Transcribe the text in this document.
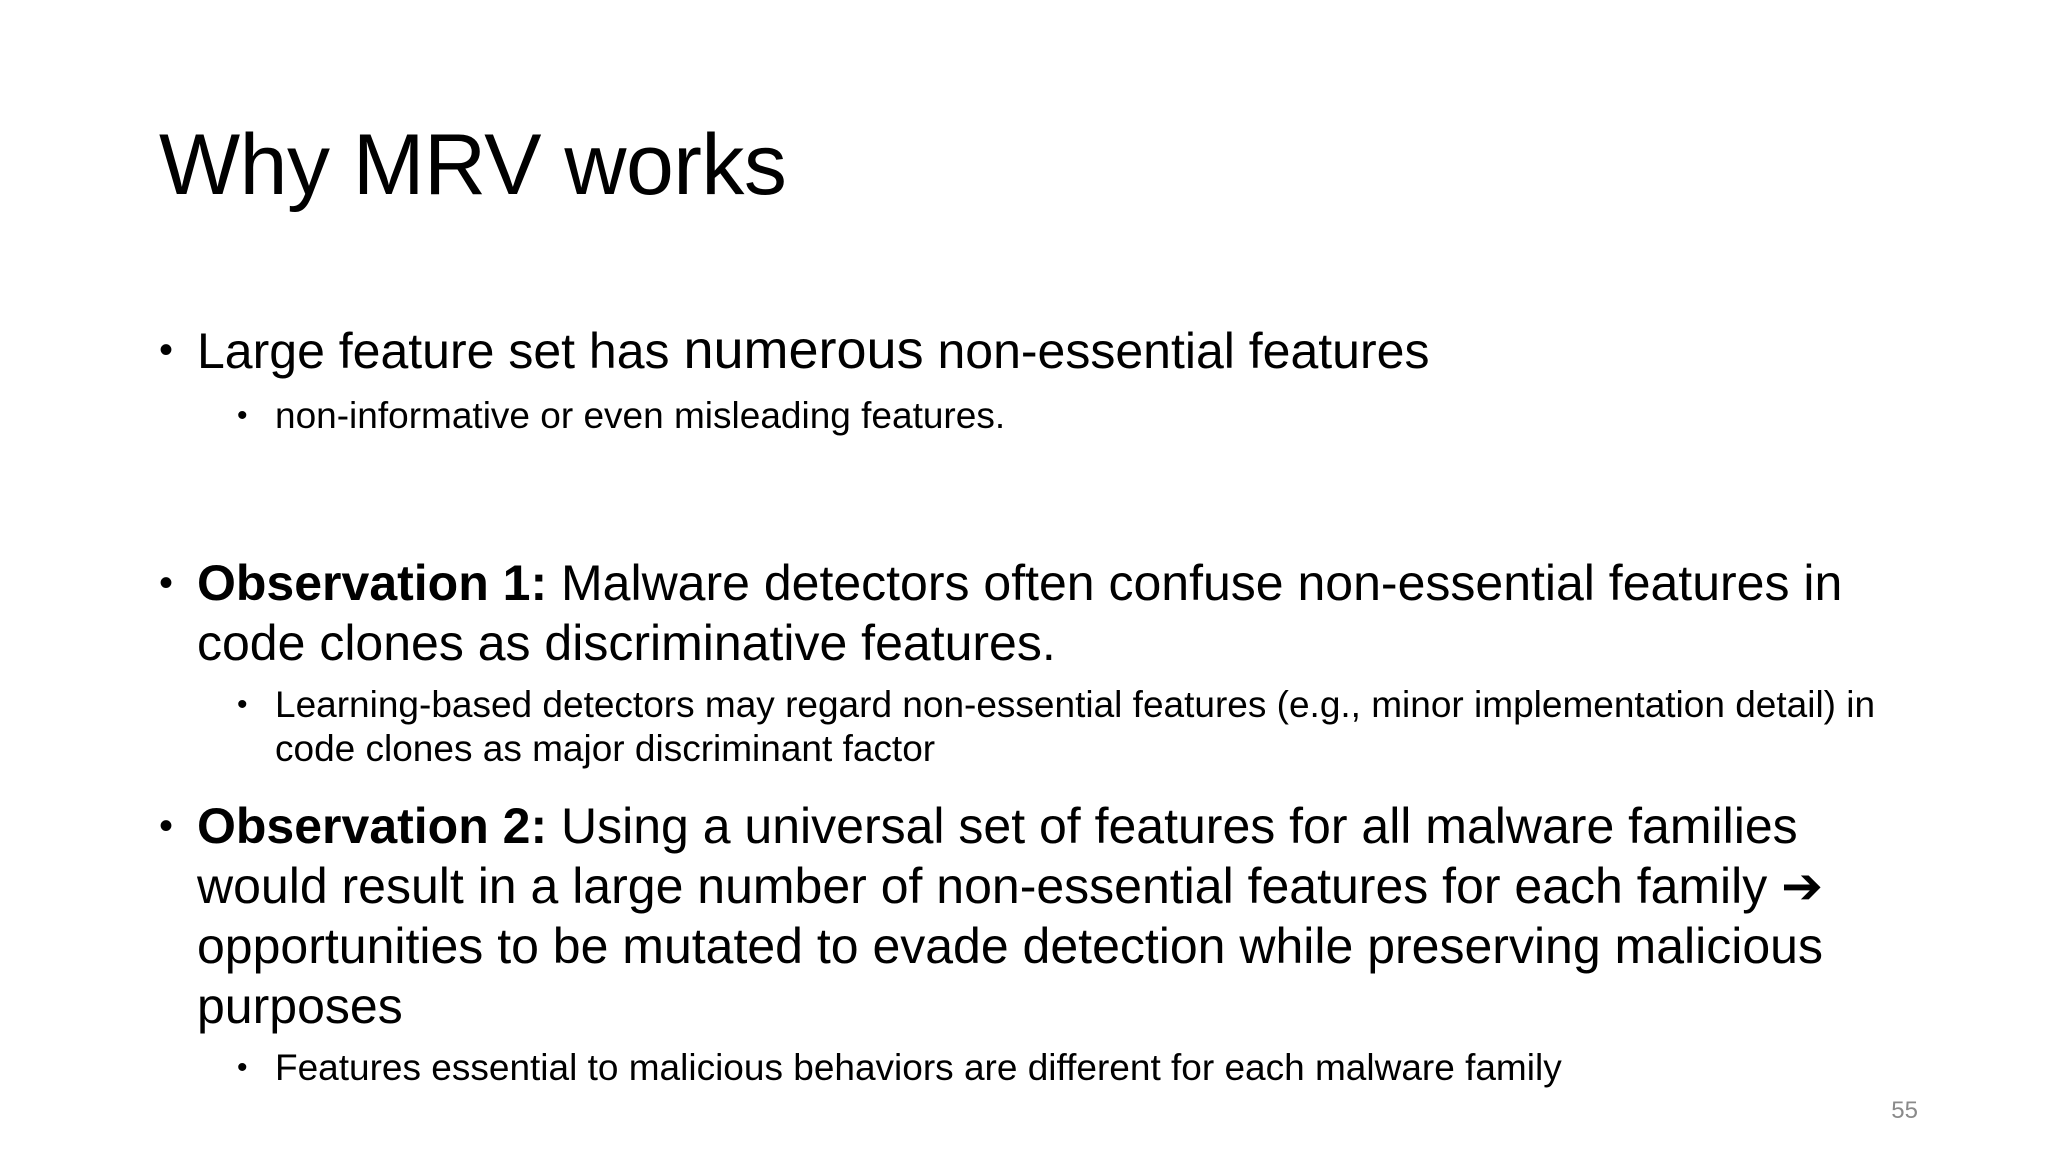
Why MRV works
• Large feature set has numerous non-essential features
• non-informative or even misleading features.
• Observation 1: Malware detectors often confuse non-essential features in code clones as discriminative features.
• Learning-based detectors may regard non-essential features (e.g., minor implementation detail) in code clones as major discriminant factor
• Observation 2: Using a universal set of features for all malware families would result in a large number of non-essential features for each family ➔ opportunities to be mutated to evade detection while preserving malicious purposes
• Features essential to malicious behaviors are different for each malware family
55
